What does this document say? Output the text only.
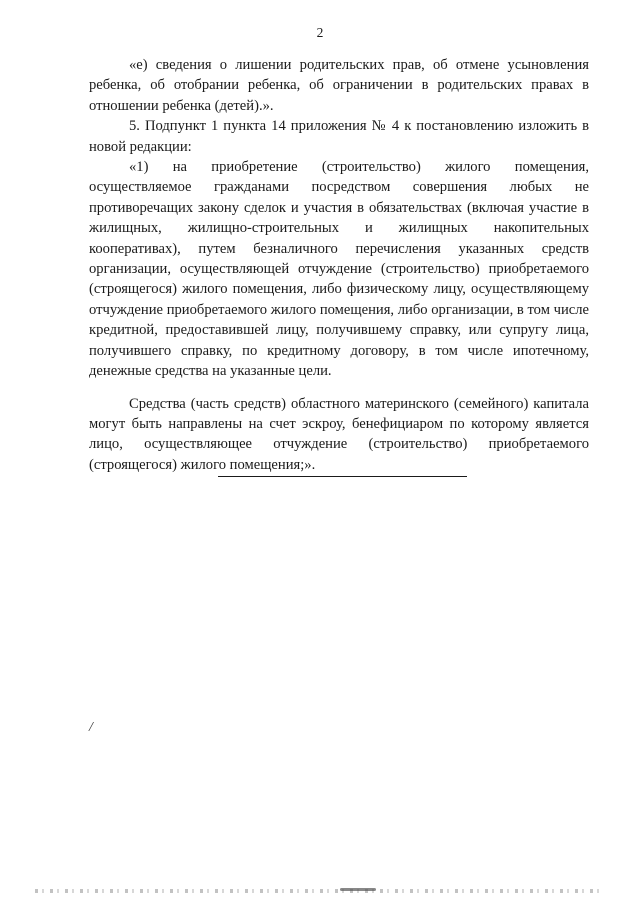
2

«е) сведения о лишении родительских прав, об отмене усыновления ребенка, об отобрании ребенка, об ограничении в родительских правах в отношении ребенка (детей).».

5. Подпункт 1 пункта 14 приложения № 4 к постановлению изложить в новой редакции:

«1) на приобретение (строительство) жилого помещения, осуществляемое гражданами посредством совершения любых не противоречащих закону сделок и участия в обязательствах (включая участие в жилищных, жилищно-строительных и жилищных накопительных кооперативах), путем безналичного перечисления указанных средств организации, осуществляющей отчуждение (строительство) приобретаемого (строящегося) жилого помещения, либо физическому лицу, осуществляющему отчуждение приобретаемого жилого помещения, либо организации, в том числе кредитной, предоставившей лицу, получившему справку, или супругу лица, получившего справку, по кредитному договору, в том числе ипотечному, денежные средства на указанные цели.

Средства (часть средств) областного материнского (семейного) капитала могут быть направлены на счет эскроу, бенефициаром по которому является лицо, осуществляющее отчуждение (строительство) приобретаемого (строящегося) жилого помещения;».

/
